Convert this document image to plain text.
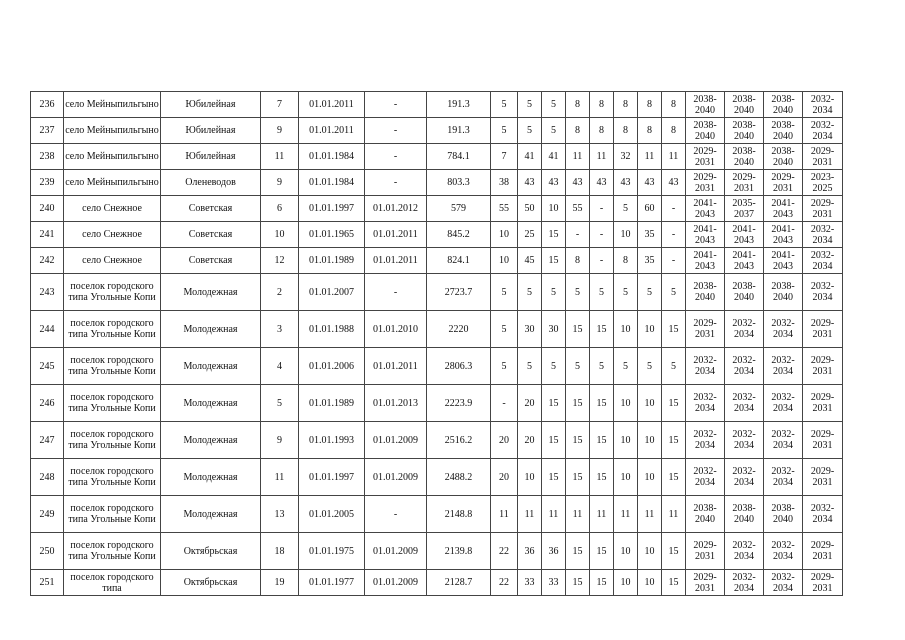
236	село Мейныпильгыно	Юбилейная	7	01.01.2011	-	191.3	5	5	5	8	8	8	8	8	2038-2040	2038-2040	2038-2040	2032-2034
237	село Мейныпильгыно	Юбилейная	9	01.01.2011	-	191.3	5	5	5	8	8	8	8	8	2038-2040	2038-2040	2038-2040	2032-2034
238	село Мейныпильгыно	Юбилейная	11	01.01.1984	-	784.1	7	41	41	11	11	32	11	11	2029-2031	2038-2040	2038-2040	2029-2031
239	село Мейныпильгыно	Оленеводов	9	01.01.1984	-	803.3	38	43	43	43	43	43	43	43	2029-2031	2029-2031	2029-2031	2023-2025
240	село Снежное	Советская	6	01.01.1997	01.01.2012	579	55	50	10	55	-	5	60	-	2041-2043	2035-2037	2041-2043	2029-2031
241	село Снежное	Советская	10	01.01.1965	01.01.2011	845.2	10	25	15	-	-	10	35	-	2041-2043	2041-2043	2041-2043	2032-2034
242	село Снежное	Советская	12	01.01.1989	01.01.2011	824.1	10	45	15	8	-	8	35	-	2041-2043	2041-2043	2041-2043	2032-2034
243	поселок городского типа Угольные Копи	Молодежная	2	01.01.2007	-	2723.7	5	5	5	5	5	5	5	5	2038-2040	2038-2040	2038-2040	2032-2034
244	поселок городского типа Угольные Копи	Молодежная	3	01.01.1988	01.01.2010	2220	5	30	30	15	15	10	10	15	2029-2031	2032-2034	2032-2034	2029-2031
245	поселок городского типа Угольные Копи	Молодежная	4	01.01.2006	01.01.2011	2806.3	5	5	5	5	5	5	5	5	2032-2034	2032-2034	2032-2034	2029-2031
246	поселок городского типа Угольные Копи	Молодежная	5	01.01.1989	01.01.2013	2223.9	-	20	15	15	15	10	10	15	2032-2034	2032-2034	2032-2034	2029-2031
247	поселок городского типа Угольные Копи	Молодежная	9	01.01.1993	01.01.2009	2516.2	20	20	15	15	15	10	10	15	2032-2034	2032-2034	2032-2034	2029-2031
248	поселок городского типа Угольные Копи	Молодежная	11	01.01.1997	01.01.2009	2488.2	20	10	15	15	15	10	10	15	2032-2034	2032-2034	2032-2034	2029-2031
249	поселок городского типа Угольные Копи	Молодежная	13	01.01.2005	-	2148.8	11	11	11	11	11	11	11	11	2038-2040	2038-2040	2038-2040	2032-2034
250	поселок городского типа Угольные Копи	Октябрьская	18	01.01.1975	01.01.2009	2139.8	22	36	36	15	15	10	10	15	2029-2031	2032-2034	2032-2034	2029-2031
251	поселок городского типа	Октябрьская	19	01.01.1977	01.01.2009	2128.7	22	33	33	15	15	10	10	15	2029-2031	2032-2034	2032-2034	2029-2031
